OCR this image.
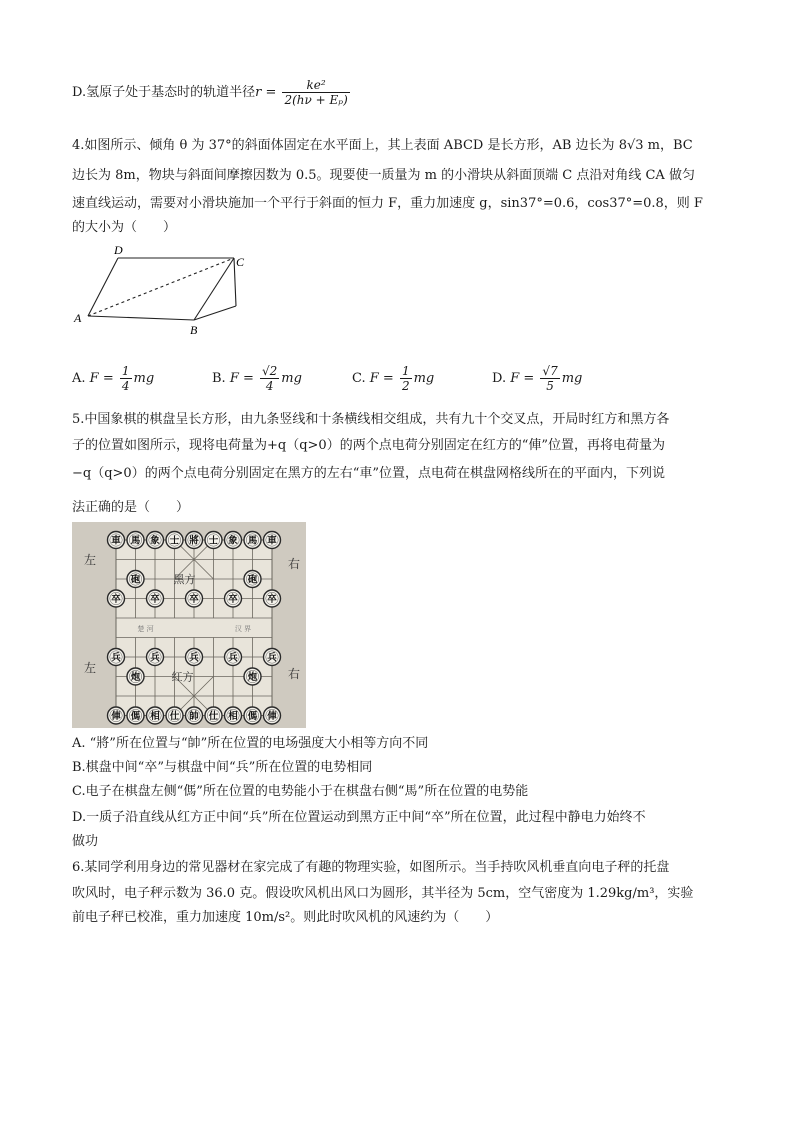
D.氢原子处于基态时的轨道半径$r = \frac{\text{ke²}}{\text{2(hν + Eₚ)}}$
4.如图所示、倾角 θ 为 37°的斜面体固定在水平面上，其上表面 ABCD 是长方形，AB 边长为 8√3 m，BC
边长为 8m，物块与斜面间摩擦因数为 0.5。现要使一质量为 m 的小滑块从斜面顶端 C 点沿对角线 CA 做匀
速直线运动，需要对小滑块施加一个平行于斜面的恒力 F，重力加速度 g，sin37°=0.6，cos37°=0.8，则 F
的大小为（　　）
A
D
C
B
A. $F = \frac{1}{4}$ mg	B. $F = \frac{√2}{4}$ mg	C. $F = \frac{1}{2}$ mg	D. $F = \frac{√7}{5}$ mg
5.中国象棋的棋盘呈长方形，由九条竖线和十条横线相交组成，共有九十个交叉点，开局时红方和黑方各
子的位置如图所示，现将电荷量为+q（q>0）的两个点电荷分别固定在红方的“俥”位置，再将电荷量为
−q（q>0）的两个点电荷分别固定在黑方的左右“車”位置，点电荷在棋盘网格线所在的平面内，下列说
法正确的是（　　）
左
左
右
右
黑方
红方
楚 河	汉 界
車 馬 象 士 將 士 象 馬 車
砲	砲
卒	卒	卒	卒	卒
兵	兵	兵	兵	兵
炮	炮
俥 傌 相 仕 帥 仕 相 傌 俥
A. “將”所在位置与“帥”所在位置的电场强度大小相等方向不同
B.棋盘中间“卒”与棋盘中间“兵”所在位置的电势相同
C.电子在棋盘左侧“傌”所在位置的电势能小于在棋盘右侧“馬”所在位置的电势能
D.一质子沿直线从红方正中间“兵”所在位置运动到黑方正中间“卒”所在位置，此过程中静电力始终不
做功
6.某同学利用身边的常见器材在家完成了有趣的物理实验，如图所示。当手持吹风机垂直向电子秤的托盘
吹风时，电子秤示数为 36.0 克。假设吹风机出风口为圆形，其半径为 5cm，空气密度为 1.29kg/m³，实验
前电子秤已校准，重力加速度 10m/s²。则此时吹风机的风速约为（　　）
